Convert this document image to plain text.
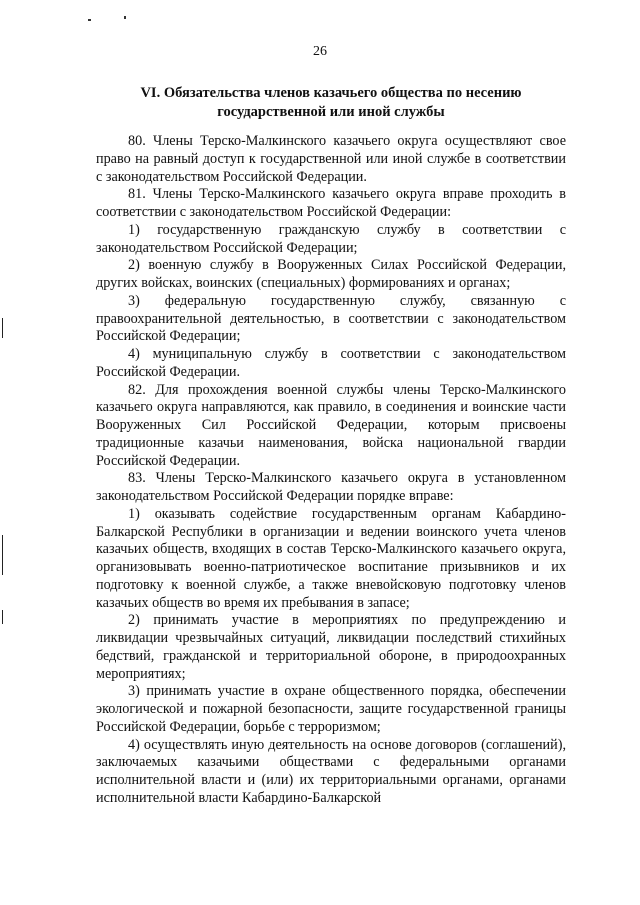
26
VI. Обязательства членов казачьего общества по несению
государственной или иной службы

80. Члены Терско-Малкинского казачьего округа осуществляют свое право на равный доступ к государственной или иной службе в соответствии с законодательством Российской Федерации.

81. Члены Терско-Малкинского казачьего округа вправе проходить в соответствии с законодательством Российской Федерации:

1) государственную гражданскую службу в соответствии с законодательством Российской Федерации;

2) военную службу в Вооруженных Силах Российской Федерации, других войсках, воинских (специальных) формированиях и органах;

3) федеральную государственную службу, связанную с правоохранительной деятельностью, в соответствии с законодательством Российской Федерации;

4) муниципальную службу в соответствии с законодательством Российской Федерации.

82. Для прохождения военной службы члены Терско-Малкинского казачьего округа направляются, как правило, в соединения и воинские части Вооруженных Сил Российской Федерации, которым присвоены традиционные казачьи наименования, войска национальной гвардии Российской Федерации.

83. Члены Терско-Малкинского казачьего округа в установленном законодательством Российской Федерации порядке вправе:

1) оказывать содействие государственным органам Кабардино-Балкарской Республики в организации и ведении воинского учета членов казачьих обществ, входящих в состав Терско-Малкинского казачьего округа, организовывать военно-патриотическое воспитание призывников и их подготовку к военной службе, а также вневойсковую подготовку членов казачьих обществ во время их пребывания в запасе;

2) принимать участие в мероприятиях по предупреждению и ликвидации чрезвычайных ситуаций, ликвидации последствий стихийных бедствий, гражданской и территориальной обороне, в природоохранных мероприятиях;

3) принимать участие в охране общественного порядка, обеспечении экологической и пожарной безопасности, защите государственной границы Российской Федерации, борьбе с терроризмом;

4) осуществлять иную деятельность на основе договоров (соглашений), заключаемых казачьими обществами с федеральными органами исполнительной власти и (или) их территориальными органами, органами исполнительной власти Кабардино-Балкарской
